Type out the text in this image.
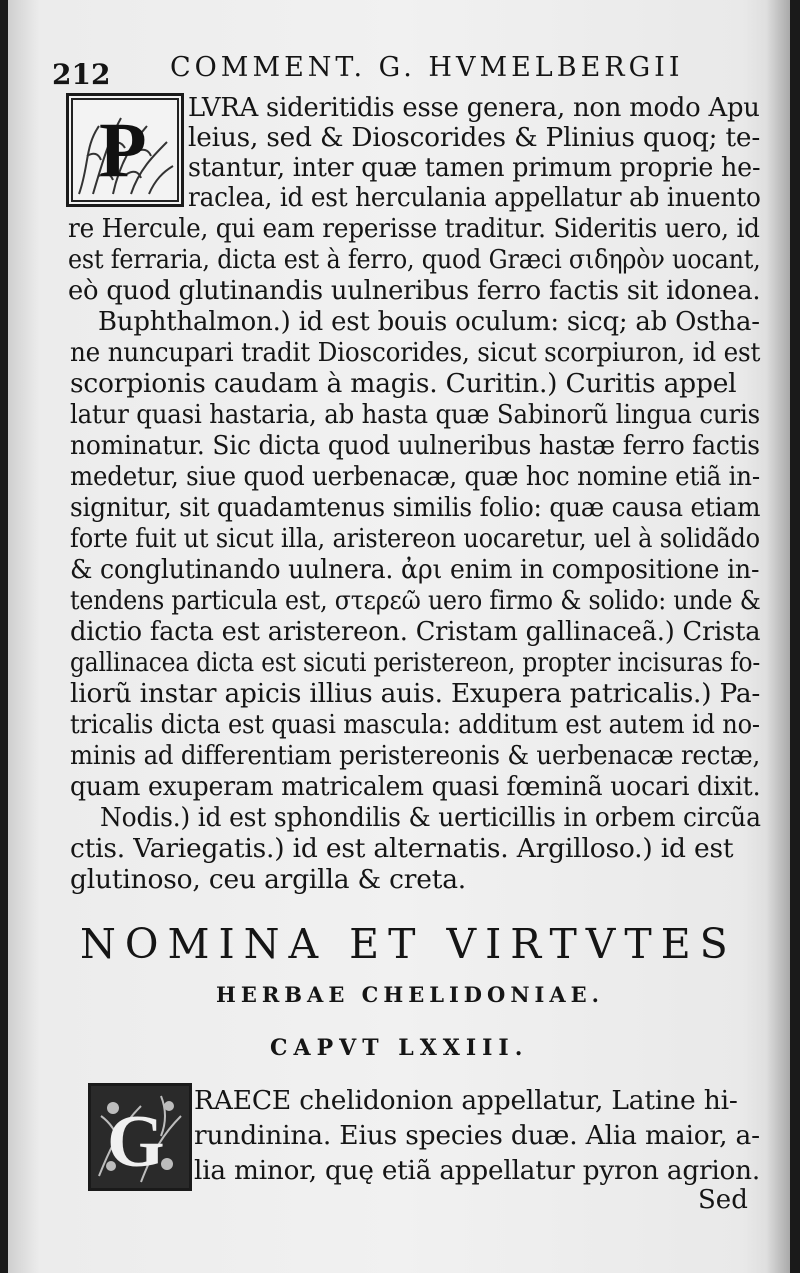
212 COMMENT. G. HVMELBERGII
P LVRA sideritidis esse genera, non modo Apu
leius, sed & Dioscorides & Plinius quoq; te-
stantur, inter quæ tamen primum proprie he-
raclea, id est herculania appellatur ab inuento
re Hercule, qui eam reperisse traditur. Sideritis uero, id
est ferraria, dicta est à ferro, quod Græci σιδηρὸν uocant,
eò quod glutinandis uulneribus ferro factis sit idonea.
Buphthalmon.) id est bouis oculum: sicq; ab Ostha-
ne nuncupari tradit Dioscorides, sicut scorpiuron, id est
scorpionis caudam à magis. Curitin.) Curitis appel
latur quasi hastaria, ab hasta quæ Sabinorũ lingua curis
nominatur. Sic dicta quod uulneribus hastæ ferro factis
medetur, siue quod uerbenacæ, quæ hoc nomine etiã in-
signitur, sit quadamtenus similis folio: quæ causa etiam
forte fuit ut sicut illa, aristereon uocaretur, uel à solidãdo
& conglutinando uulnera. ἀρι enim in compositione in-
tendens particula est, στερεῶ uero firmo & solido: unde &
dictio facta est aristereon. Cristam gallinaceã.) Crista
gallinacea dicta est sicuti peristereon, propter incisuras fo-
liorũ instar apicis illius auis. Exupera patricalis.) Pa-
tricalis dicta est quasi mascula: additum est autem id no-
minis ad differentiam peristereonis & uerbenacæ rectæ,
quam exuperam matricalem quasi fœminã uocari dixit.
Nodis.) id est sphondilis & uerticillis in orbem circũa
ctis. Variegatis.) id est alternatis. Argilloso.) id est
glutinoso, ceu argilla & creta.
NOMINA ET VIRTVTES
HERBAE CHELIDONIAE.
CAPVT LXXIII.
G
RAECE chelidonion appellatur, Latine hi-
rundinina. Eius species duæ. Alia maior, a-
lia minor, quę etiã appellatur pyron agrion.
Sed
